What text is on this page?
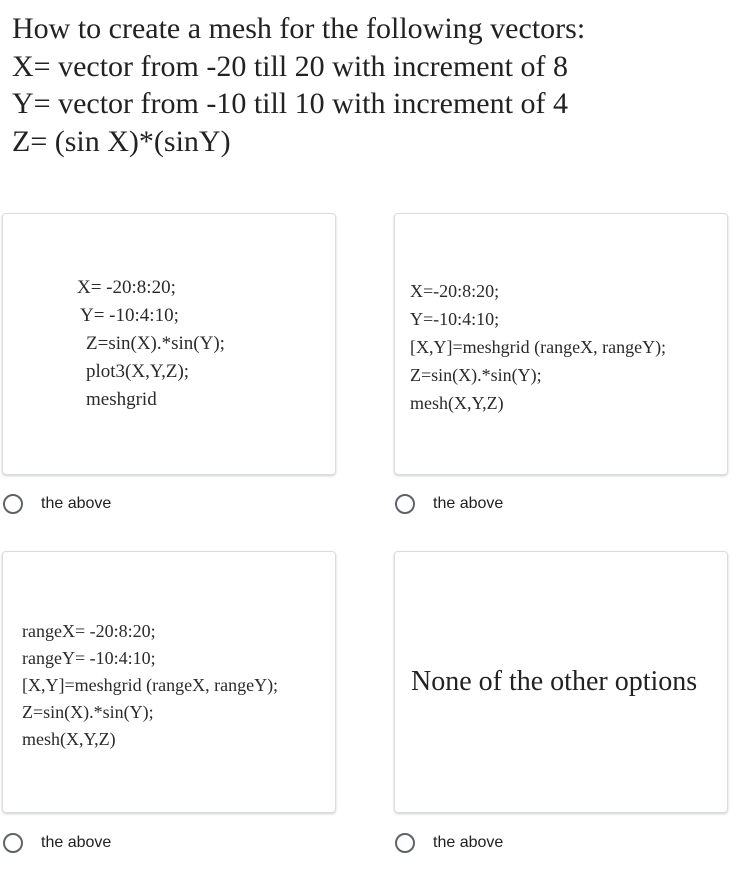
How to create a mesh for the following vectors:
X= vector from -20 till 20 with increment of 8
Y= vector from -10 till 10 with increment of 4
Z= (sin X)*(sinY)
X= -20:8:20;
Y= -10:4:10;
Z=sin(X).*sin(Y);
plot3(X,Y,Z);
meshgrid
the above
X=-20:8:20;
Y=-10:4:10;
[X,Y]=meshgrid (rangeX, rangeY);
Z=sin(X).*sin(Y);
mesh(X,Y,Z)
the above
rangeX= -20:8:20;
rangeY= -10:4:10;
[X,Y]=meshgrid (rangeX, rangeY);
Z=sin(X).*sin(Y);
mesh(X,Y,Z)
the above
None of the other options
the above
